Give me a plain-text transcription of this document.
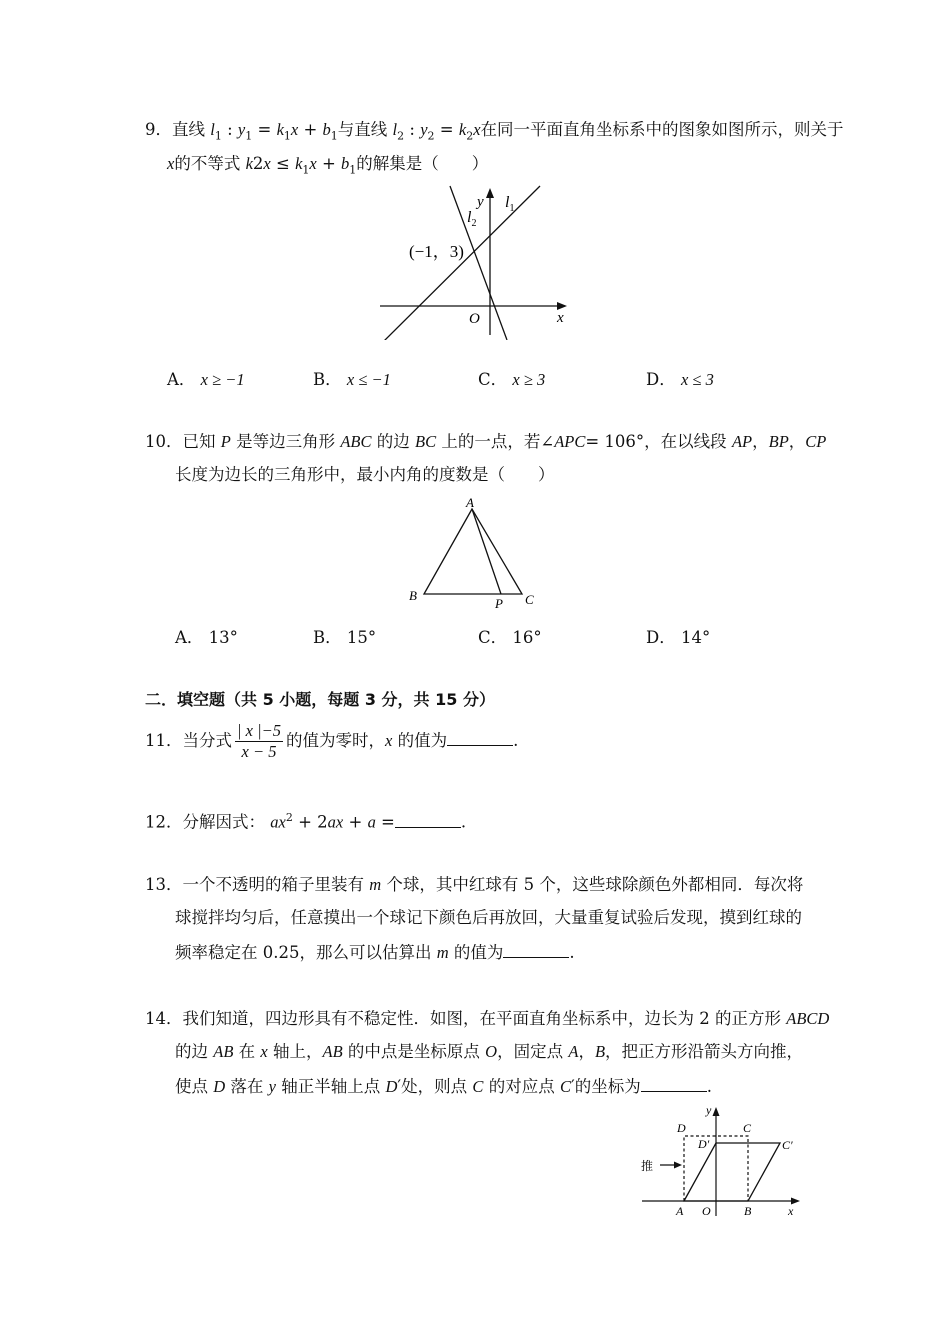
9．直线 $l_1$ : $y_1 = k_1x + b_1$与直线 $l_2$ : $y_2 = k_2x$在同一平面直角坐标系中的图象如图所示，则关于
x的不等式 $k2x \le k_1x + b_1$的解集是（　　）
(−1，3)
x
y
O
$l_1$
$l_2$
A． x ≥ −1	B． x ≤ −1	C． x ≥ 3	D． x ≤ 3
10．已知 P 是等边三角形 ABC 的边 BC 上的一点，若∠APC= 106°，在以线段 AP，BP，CP
长度为边长的三角形中，最小内角的度数是（　　）
A
B	C
P
A． 13°	B． 15°	C． 16°	D． 14°
二．填空题（共 5 小题，每题 3 分，共 15 分）
11．当分式 $\frac{| x |-5}{x - 5}$ 的值为零时，x 的值为	.
12．分解因式： $ax^2 + 2ax + a$ =	.
13．一个不透明的箱子里装有 m 个球，其中红球有 5 个，这些球除颜色外都相同．每次将
球搅拌均匀后，任意摸出一个球记下颜色后再放回，大量重复试验后发现，摸到红球的
频率稳定在 0.25，那么可以估算出 m 的值为	.
14．我们知道，四边形具有不稳定性．如图，在平面直角坐标系中，边长为 2 的正方形 ABCD
的边 AB 在 x 轴上，AB 的中点是坐标原点 O，固定点 A，B，把正方形沿箭头方向推，
使点 D 落在 y 轴正半轴上点 D′处，则点 C 的对应点 C′的坐标为	.
推
D	C
D′	C′
A O	B	x
y
